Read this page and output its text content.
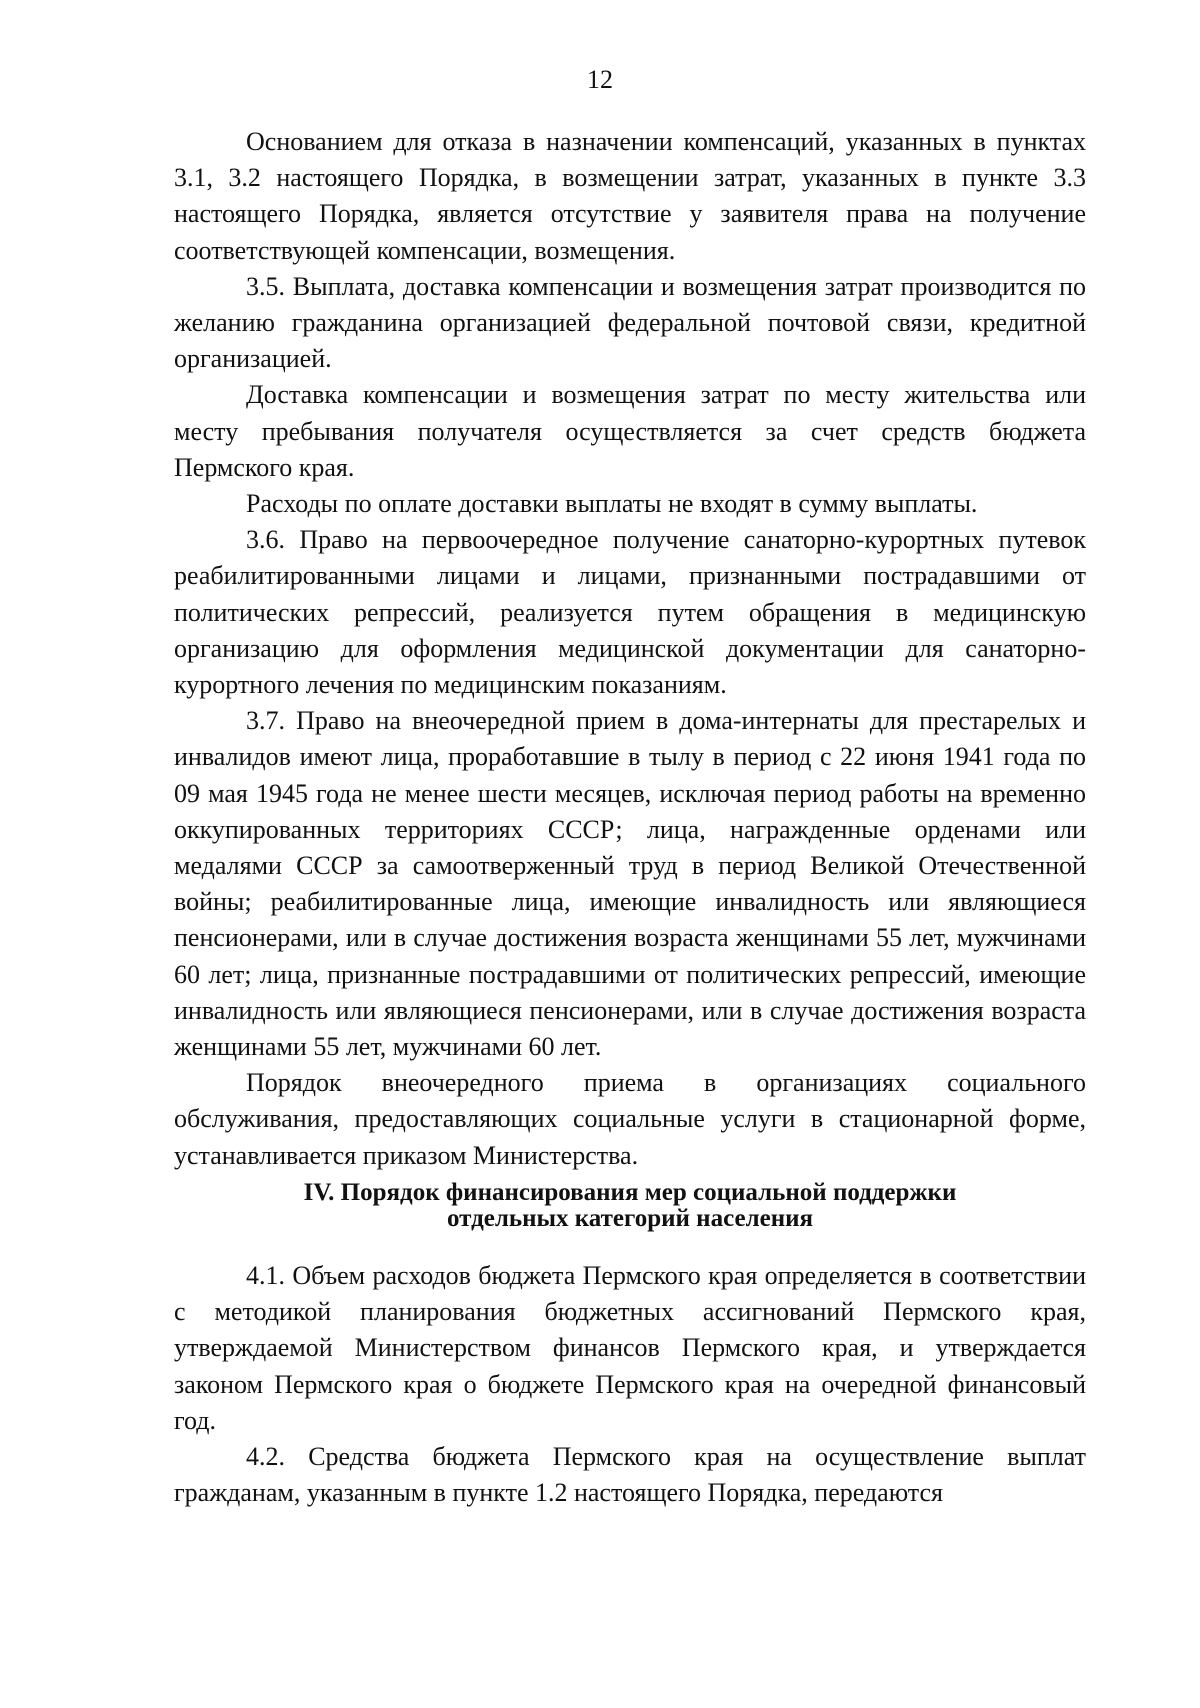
12

Основанием для отказа в назначении компенсаций, указанных в пунктах 3.1, 3.2 настоящего Порядка, в возмещении затрат, указанных в пункте 3.3 настоящего Порядка, является отсутствие у заявителя права на получение соответствующей компенсации, возмещения.

3.5. Выплата, доставка компенсации и возмещения затрат производится по желанию гражданина организацией федеральной почтовой связи, кредитной организацией.

Доставка компенсации и возмещения затрат по месту жительства или месту пребывания получателя осуществляется за счет средств бюджета Пермского края.

Расходы по оплате доставки выплаты не входят в сумму выплаты.

3.6. Право на первоочередное получение санаторно-курортных путевок реабилитированными лицами и лицами, признанными пострадавшими от политических репрессий, реализуется путем обращения в медицинскую организацию для оформления медицинской документации для санаторно-курортного лечения по медицинским показаниям.

3.7. Право на внеочередной прием в дома-интернаты для престарелых и инвалидов имеют лица, проработавшие в тылу в период с 22 июня 1941 года по 09 мая 1945 года не менее шести месяцев, исключая период работы на временно оккупированных территориях СССР; лица, награжденные орденами или медалями СССР за самоотверженный труд в период Великой Отечественной войны; реабилитированные лица, имеющие инвалидность или являющиеся пенсионерами, или в случае достижения возраста женщинами 55 лет, мужчинами 60 лет; лица, признанные пострадавшими от политических репрессий, имеющие инвалидность или являющиеся пенсионерами, или в случае достижения возраста женщинами 55 лет, мужчинами 60 лет.

Порядок внеочередного приема в организациях социального обслуживания, предоставляющих социальные услуги в стационарной форме, устанавливается приказом Министерства.

IV. Порядок финансирования мер социальной поддержки
отдельных категорий населения

4.1. Объем расходов бюджета Пермского края определяется в соответствии с методикой планирования бюджетных ассигнований Пермского края, утверждаемой Министерством финансов Пермского края, и утверждается законом Пермского края о бюджете Пермского края на очередной финансовый год.

4.2. Средства бюджета Пермского края на осуществление выплат гражданам, указанным в пункте 1.2 настоящего Порядка, передаются
